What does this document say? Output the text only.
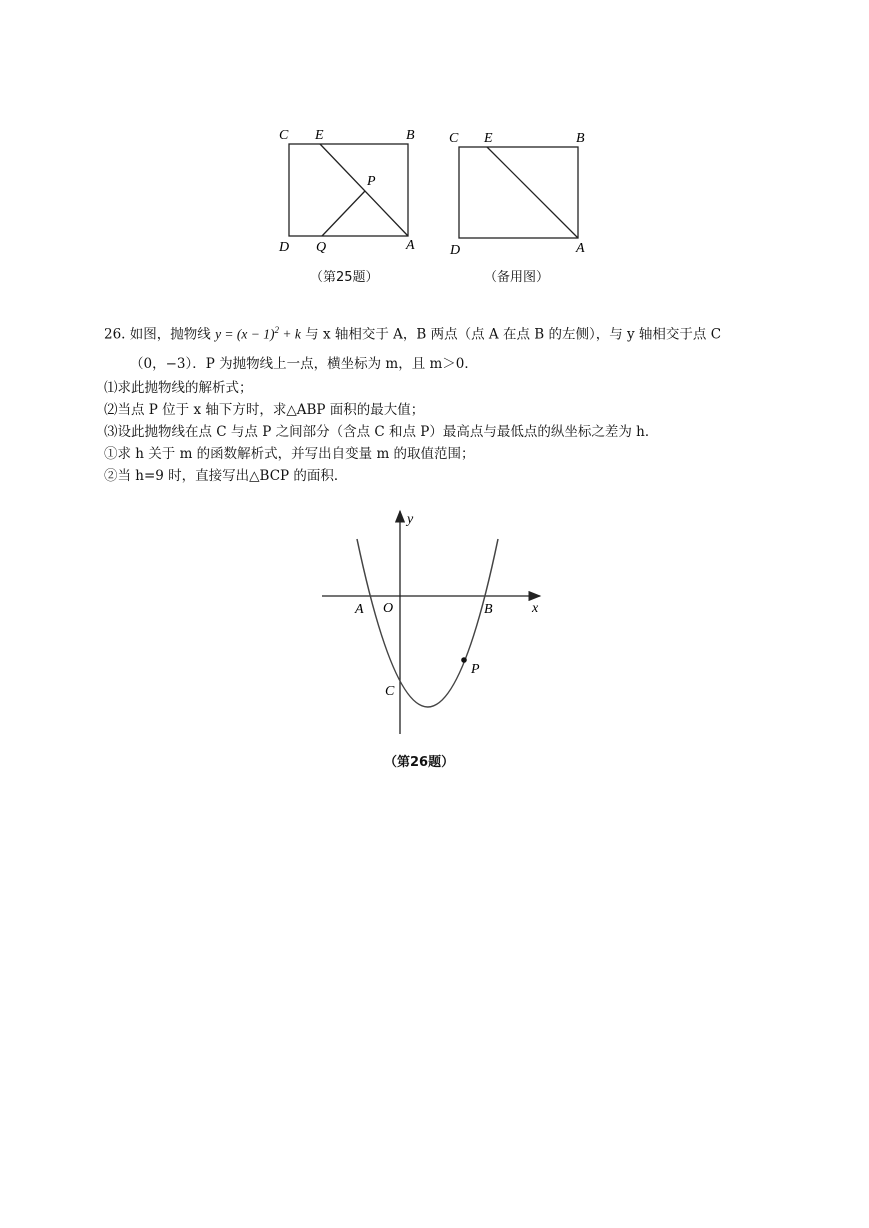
C E	B
P
D Q	A
（第25题）
C E	B
D	A
（备用图）
26. 如图，抛物线 $y = (x - 1)^2 + k$ 与 x 轴相交于 A，B 两点（点 A 在点 B 的左侧），与 y 轴相交于点 C
（0，−3）．P 为抛物线上一点，横坐标为 m，且 m＞0．
⑴求此抛物线的解析式；
⑵当点 P 位于 x 轴下方时，求△ABP 面积的最大值；
⑶设此抛物线在点 C 与点 P 之间部分（含点 C 和点 P）最高点与最低点的纵坐标之差为 h．
①求 h 关于 m 的函数解析式，并写出自变量 m 的取值范围；
②当 h=9 时，直接写出△BCP 的面积．
y
x
A O	B
C
P
（第26题）
